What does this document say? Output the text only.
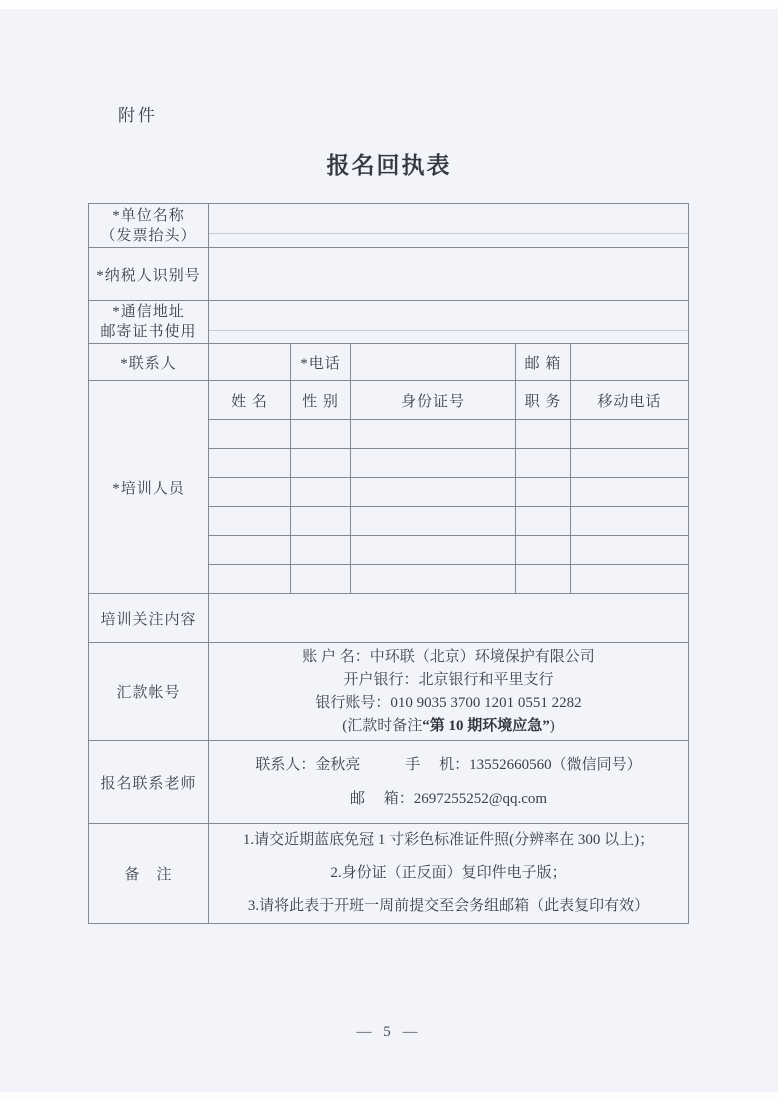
附件
报名回执表
*单位名称
（发票抬头）					

*纳税人识别号					

*通信地址
邮寄证书使用					

*联系人		*电话		邮 箱	
*培训人员	姓 名	性 别	身份证号	职 务	移动电话

培训关注内容					
汇款帐号	账 户 名：中环联（北京）环境保护有限公司
开户银行：北京银行和平里支行
银行账号：010 9035 3700 1201 0551 2282
(汇款时备注“第 10 期环境应急”)				

报名联系老师	联系人：金秋亮　　　手　 机：13552660560（微信同号）
邮　 箱：2697255252@qq.com				

备　注	1.请交近期蓝底免冠 1 寸彩色标准证件照(分辨率在 300 以上)；
2.身份证（正反面）复印件电子版；
3.请将此表于开班一周前提交至会务组邮箱（此表复印有效）				
— 5 —
